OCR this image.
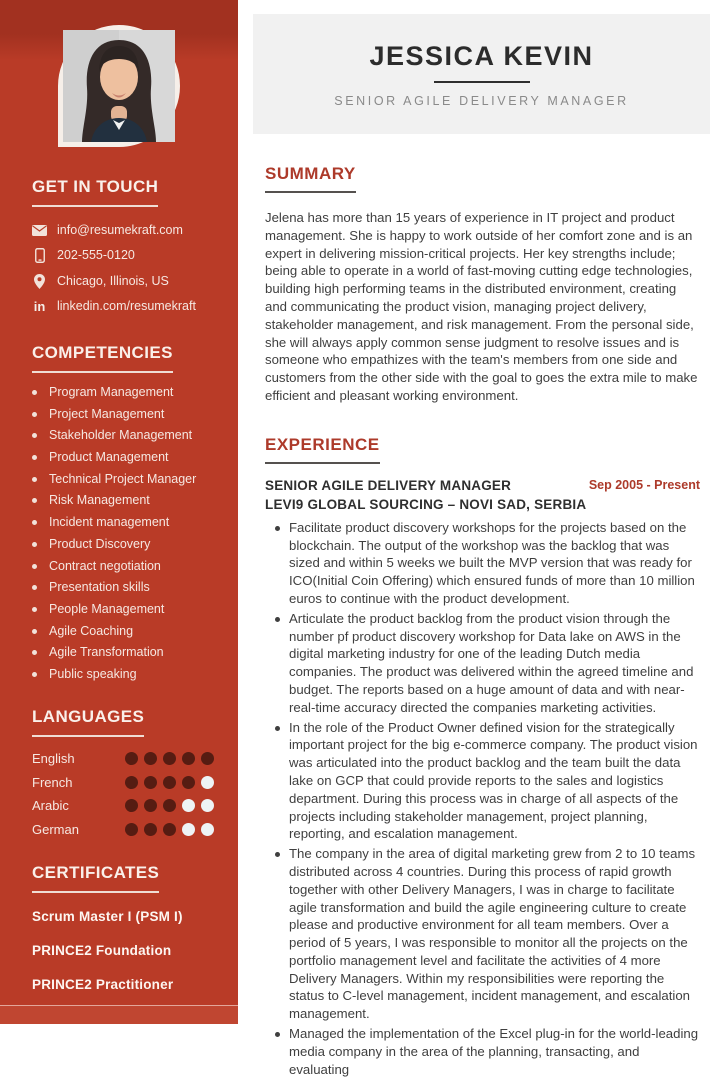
GET IN TOUCH
info@resumekraft.com
202-555-0120
Chicago, Illinois, US
in linkedin.com/resumekraft
COMPETENCIES
Program Management
Project Management
Stakeholder Management
Product Management
Technical Project Manager
Risk Management
Incident management
Product Discovery
Contract negotiation
Presentation skills
People Management
Agile Coaching
Agile Transformation
Public speaking
LANGUAGES
English
French
Arabic
German
CERTIFICATES
Scrum Master I (PSM I)
PRINCE2 Foundation
PRINCE2 Practitioner
JESSICA KEVIN
SENIOR AGILE DELIVERY MANAGER
SUMMARY

Jelena has more than 15 years of experience in IT project and product management. She is happy to work outside of her comfort zone and is an expert in delivering mission-critical projects. Her key strengths include; being able to operate in a world of fast-moving cutting edge technologies, building high performing teams in the distributed environment, creating and communicating the product vision, managing project delivery, stakeholder management, and risk management. From the personal side, she will always apply common sense judgment to resolve issues and is someone who empathizes with the team's members from one side and customers from the other side with the goal to goes the extra mile to make efficient and pleasant working environment.

EXPERIENCE
SENIOR AGILE DELIVERY MANAGER
LEVI9 GLOBAL SOURCING – NOVI SAD, SERBIA
Sep 2005 - Present
Facilitate product discovery workshops for the projects based on the blockchain. The output of the workshop was the backlog that was sized and within 5 weeks we built the MVP version that was ready for ICO(Initial Coin Offering) which ensured funds of more than 10 million euros to continue with the product development.
Articulate the product backlog from the product vision through the number pf product discovery workshop for Data lake on AWS in the digital marketing industry for one of the leading Dutch media companies. The product was delivered within the agreed timeline and budget. The reports based on a huge amount of data and with near-real-time accuracy directed the companies marketing activities.
In the role of the Product Owner defined vision for the strategically important project for the big e-commerce company. The product vision was articulated into the product backlog and the team built the data lake on GCP that could provide reports to the sales and logistics department. During this process was in charge of all aspects of the projects including stakeholder management, project planning, reporting, and escalation management.
The company in the area of digital marketing grew from 2 to 10 teams distributed across 4 countries. During this process of rapid growth together with other Delivery Managers, I was in charge to facilitate agile transformation and build the agile engineering culture to create please and productive environment for all team members. Over a period of 5 years, I was responsible to monitor all the projects on the portfolio management level and facilitate the activities of 4 more Delivery Managers. Within my responsibilities were reporting the status to C-level management, incident management, and escalation management.
Managed the implementation of the Excel plug-in for the world-leading media company in the area of the planning, transacting, and evaluating
